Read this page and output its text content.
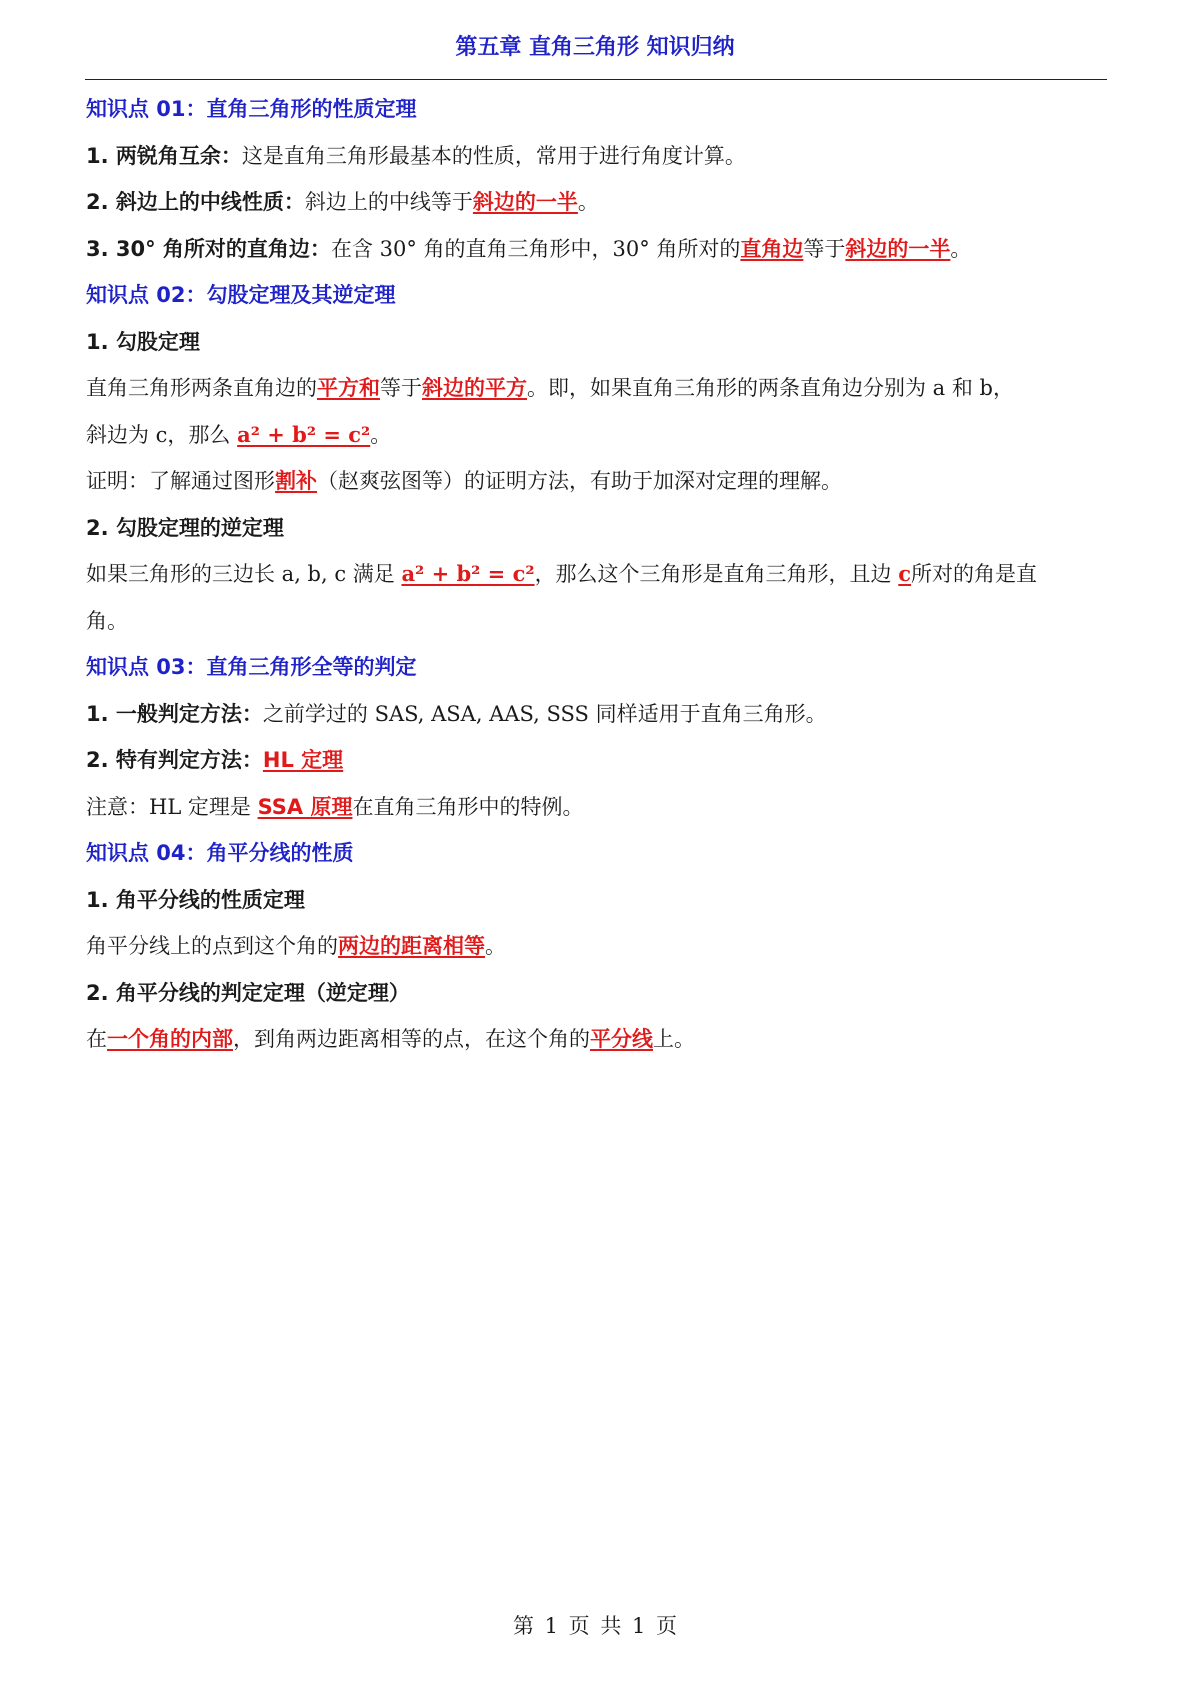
第五章 直角三角形 知识归纳
知识点 01：直角三角形的性质定理
1. 两锐角互余：这是直角三角形最基本的性质，常用于进行角度计算。
2. 斜边上的中线性质：斜边上的中线等于斜边的一半。
3. 30° 角所对的直角边：在含 30° 角的直角三角形中，30° 角所对的直角边等于斜边的一半。
知识点 02：勾股定理及其逆定理
1. 勾股定理
直角三角形两条直角边的平方和等于斜边的平方。即，如果直角三角形的两条直角边分别为 a 和 b，
斜边为 c，那么 a² + b² = c²。
证明：了解通过图形割补（赵爽弦图等）的证明方法，有助于加深对定理的理解。
2. 勾股定理的逆定理
如果三角形的三边长 a, b, c 满足 a² + b² = c²，那么这个三角形是直角三角形，且边 c所对的角是直
角。
知识点 03：直角三角形全等的判定
1. 一般判定方法：之前学过的 SAS, ASA, AAS, SSS 同样适用于直角三角形。
2. 特有判定方法：HL 定理
注意：HL 定理是 SSA 原理在直角三角形中的特例。
知识点 04：角平分线的性质
1. 角平分线的性质定理
角平分线上的点到这个角的两边的距离相等。
2. 角平分线的判定定理（逆定理）
在一个角的内部，到角两边距离相等的点，在这个角的平分线上。
第 1 页 共 1 页
